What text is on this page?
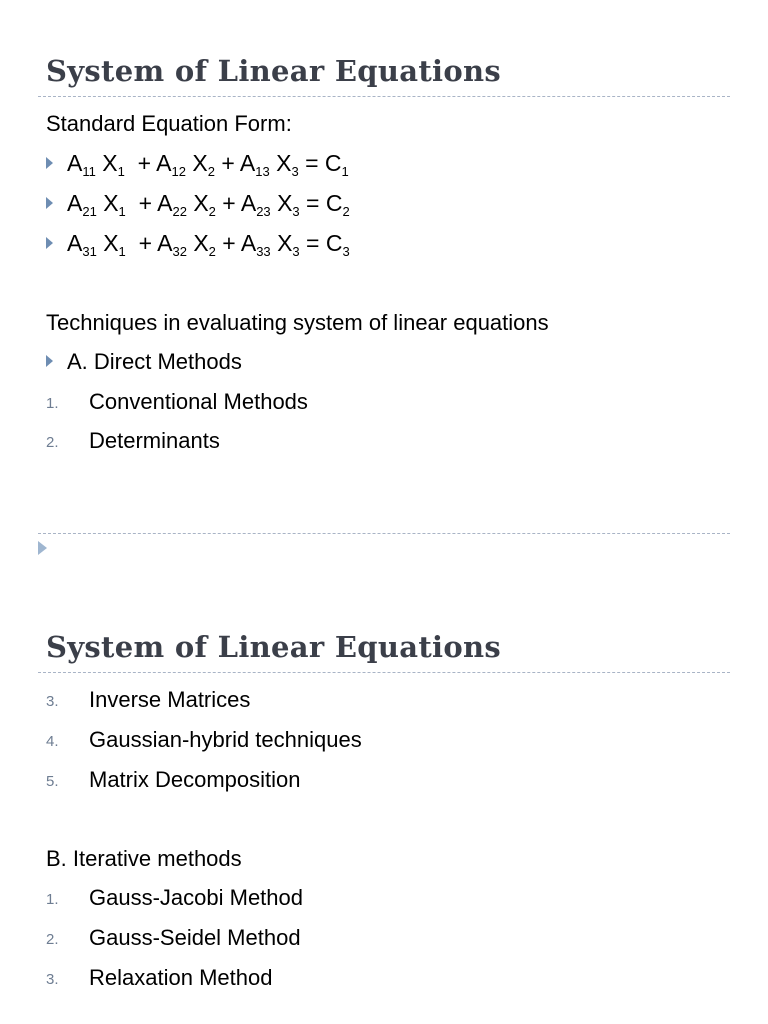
System of Linear Equations
Standard Equation Form:
$A_{11}$ $X_1 + A_{12}$ $X_2 + A_{13}$ $X_3 = C_1$
$A_{21}$ $X_1 + A_{22}$ $X_2 + A_{23}$ $X_3 = C_2$
$A_{31}$ $X_1 + A_{32}$ $X_2 + A_{33}$ $X_3 = C_3$
Techniques in evaluating system of linear equations
A. Direct Methods
1. Conventional Methods
2. Determinants
System of Linear Equations
3. Inverse Matrices
4. Gaussian-hybrid techniques
5. Matrix Decomposition
B. Iterative methods
1. Gauss-Jacobi Method
2. Gauss-Seidel Method
3. Relaxation Method
